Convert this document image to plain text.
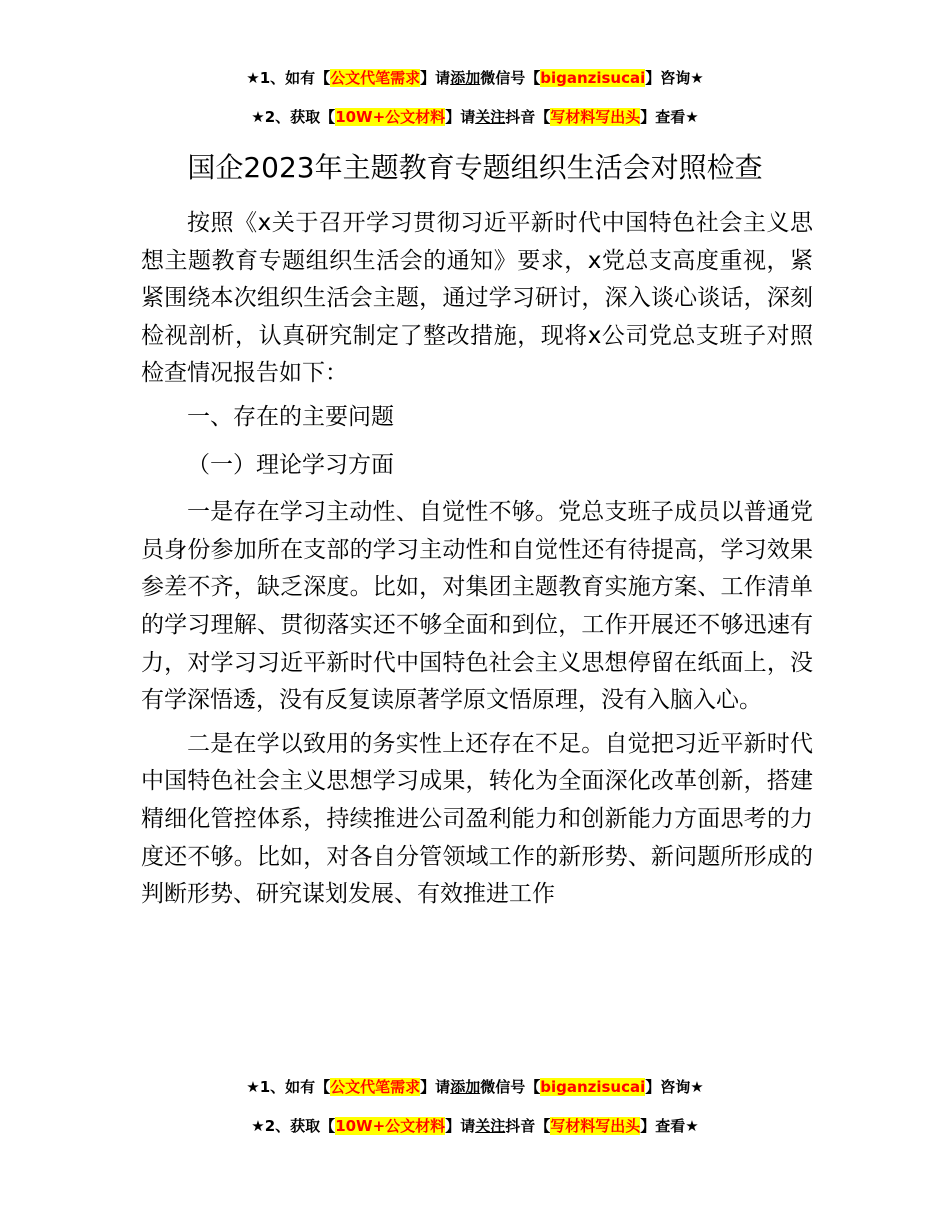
★1、如有【公文代笔需求】请添加微信号【biganzisucai】咨询★
★2、获取【10W+公文材料】请关注抖音【写材料写出头】查看★
国企2023年主题教育专题组织生活会对照检查

按照《x关于召开学习贯彻习近平新时代中国特色社会主义思想主题教育专题组织生活会的通知》要求，x党总支高度重视，紧紧围绕本次组织生活会主题，通过学习研讨，深入谈心谈话，深刻检视剖析，认真研究制定了整改措施，现将x公司党总支班子对照检查情况报告如下：

一、存在的主要问题

（一）理论学习方面

一是存在学习主动性、自觉性不够。党总支班子成员以普通党员身份参加所在支部的学习主动性和自觉性还有待提高，学习效果参差不齐，缺乏深度。比如，对集团主题教育实施方案、工作清单的学习理解、贯彻落实还不够全面和到位，工作开展还不够迅速有力，对学习习近平新时代中国特色社会主义思想停留在纸面上，没有学深悟透，没有反复读原著学原文悟原理，没有入脑入心。

二是在学以致用的务实性上还存在不足。自觉把习近平新时代中国特色社会主义思想学习成果，转化为全面深化改革创新，搭建精细化管控体系，持续推进公司盈利能力和创新能力方面思考的力度还不够。比如，对各自分管领域工作的新形势、新问题所形成的判断形势、研究谋划发展、有效推进工作

★1、如有【公文代笔需求】请添加微信号【biganzisucai】咨询★
★2、获取【10W+公文材料】请关注抖音【写材料写出头】查看★
